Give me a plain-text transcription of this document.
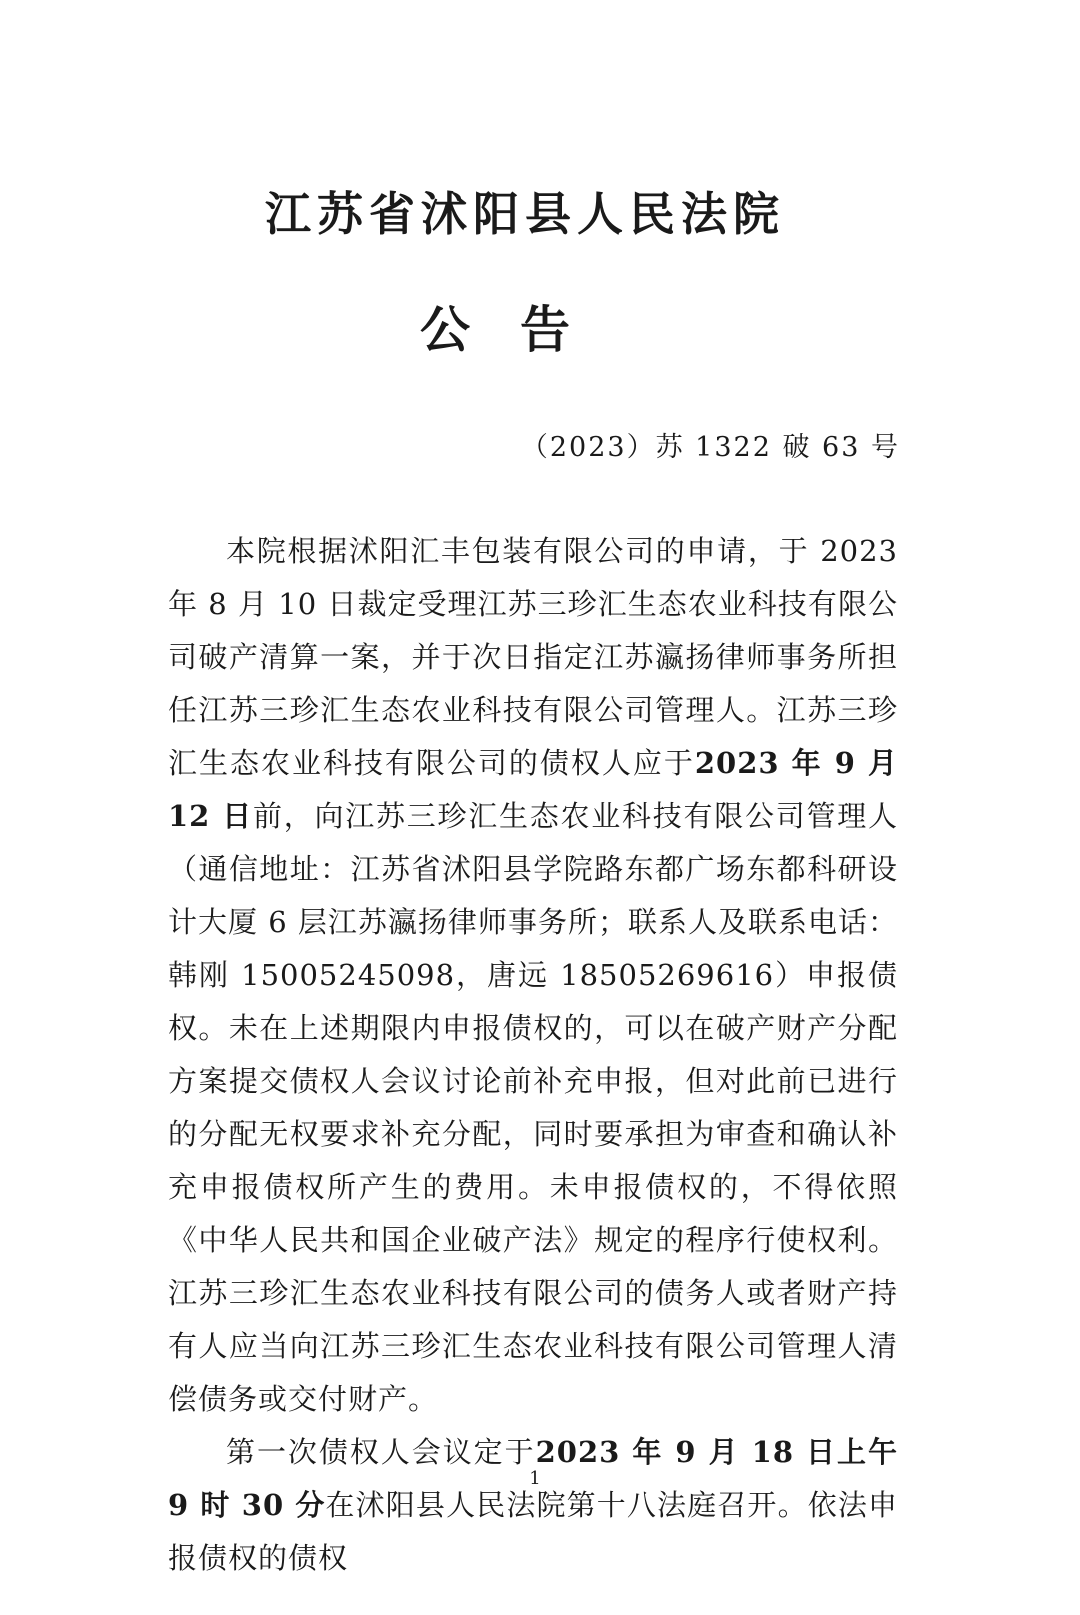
江苏省沭阳县人民法院
公告
（2023）苏 1322 破 63 号

本院根据沭阳汇丰包装有限公司的申请，于 2023 年 8 月 10 日裁定受理江苏三珍汇生态农业科技有限公司破产清算一案，并于次日指定江苏瀛扬律师事务所担任江苏三珍汇生态农业科技有限公司管理人。江苏三珍汇生态农业科技有限公司的债权人应于2023 年 9 月 12 日前，向江苏三珍汇生态农业科技有限公司管理人（通信地址：江苏省沭阳县学院路东都广场东都科研设计大厦 6 层江苏瀛扬律师事务所；联系人及联系电话：韩刚 15005245098，唐远 18505269616）申报债权。未在上述期限内申报债权的，可以在破产财产分配方案提交债权人会议讨论前补充申报，但对此前已进行的分配无权要求补充分配，同时要承担为审查和确认补充申报债权所产生的费用。未申报债权的，不得依照《中华人民共和国企业破产法》规定的程序行使权利。江苏三珍汇生态农业科技有限公司的债务人或者财产持有人应当向江苏三珍汇生态农业科技有限公司管理人清偿债务或交付财产。

第一次债权人会议定于2023 年 9 月 18 日上午 9 时 30 分在沭阳县人民法院第十八法庭召开。依法申报债权的债权

1
